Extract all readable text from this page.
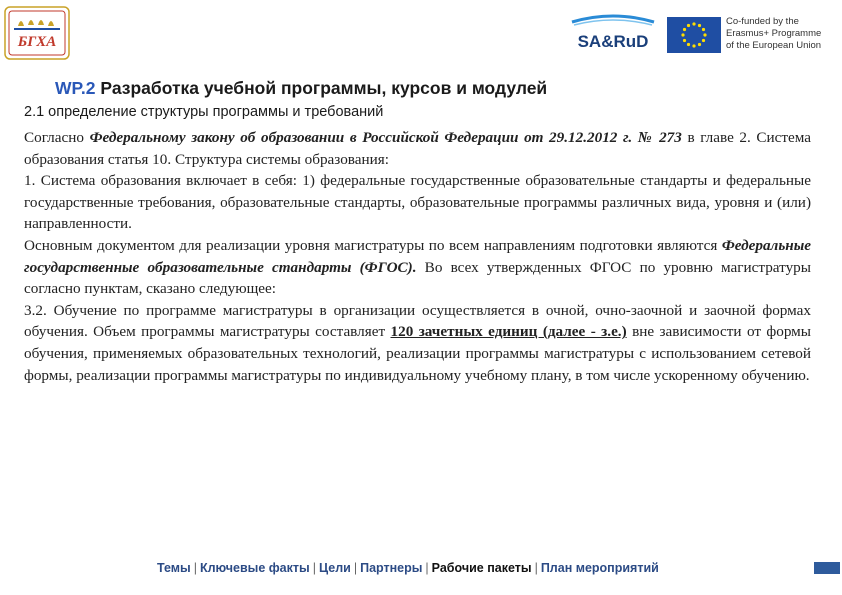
БГХА	SA&RuD
Co-funded by the
Erasmus+ Programme
of the European Union
WP.2 Разработка учебной программы, курсов и модулей
2.1 определение структуры программы и требований

Согласно Федеральному закону об образовании в Российской Федерации от 29.12.2012 г. № 273 в главе 2. Система образования статья 10. Структура системы образования:

1. Система образования включает в себя: 1) федеральные государственные образовательные стандарты и федеральные государственные требования, образовательные стандарты, образовательные программы различных вида, уровня и (или) направленности.

Основным документом для реализации уровня магистратуры по всем направлениям подготовки являются Федеральные государственные образовательные стандарты (ФГОС). Во всех утвержденных ФГОС по уровню магистратуры согласно пунктам, сказано следующее:

3.2. Обучение по программе магистратуры в организации осуществляется в очной, очно-заочной и заочной формах обучения. Объем программы магистратуры составляет 120 зачетных единиц (далее - з.е.) вне зависимости от формы обучения, применяемых образовательных технологий, реализации программы магистратуры с использованием сетевой формы, реализации программы магистратуры по индивидуальному учебному плану, в том числе ускоренному обучению.

Темы | Ключевые факты | Цели | Партнеры | Рабочие пакеты | План мероприятий
